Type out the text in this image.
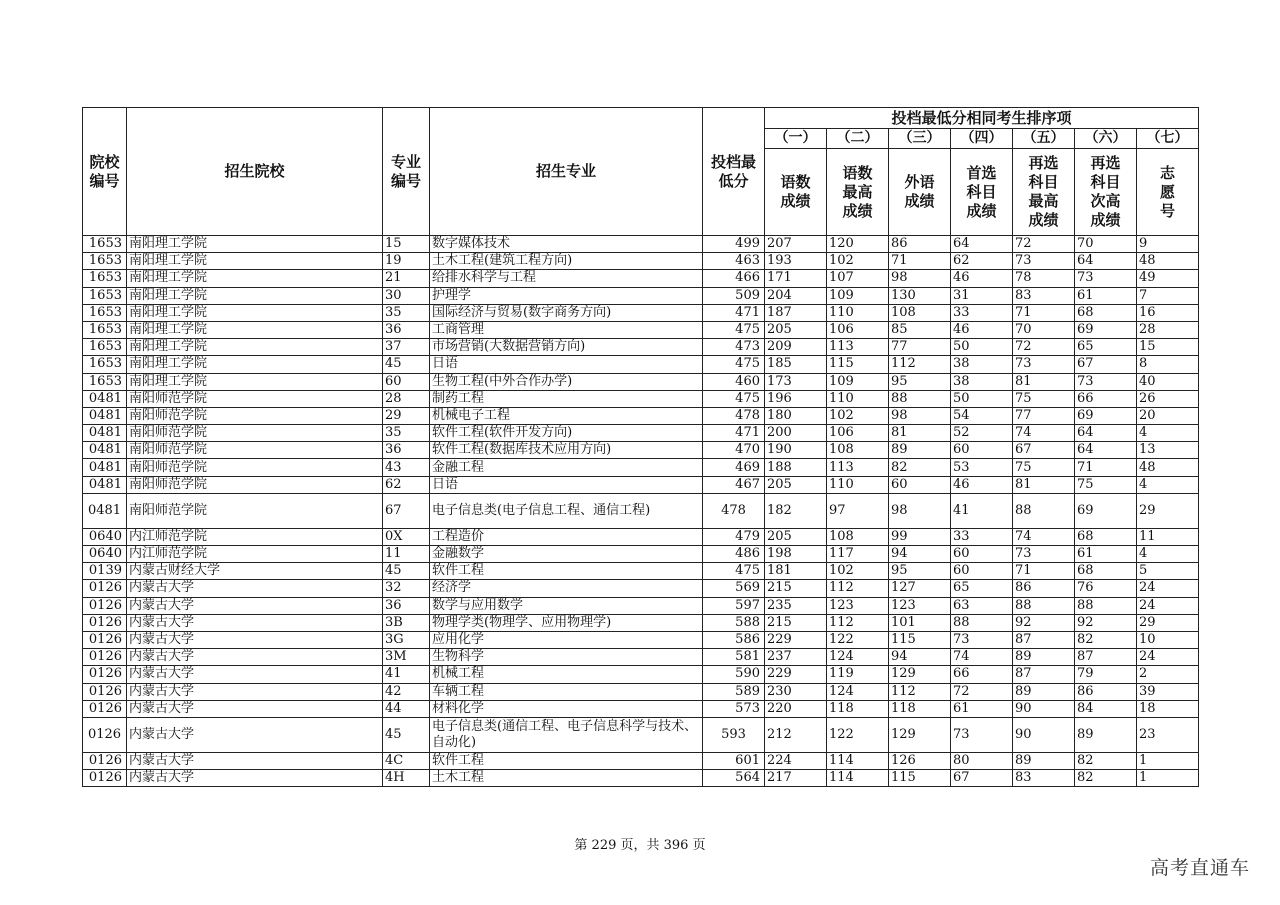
院校编号	招生院校	专业编号	招生专业	投档最低分	投档最低分相同考生排序项						
					（一）	（二）	（三）	（四）	（五）	（六）	（七）
					语数成绩	语数最高成绩	外语成绩	首选科目成绩	再选科目最高成绩	再选科目次高成绩	志愿号
1653	南阳理工学院	15	数字媒体技术	499	207	120	86	64	72	70	9
1653	南阳理工学院	19	土木工程(建筑工程方向)	463	193	102	71	62	73	64	48
1653	南阳理工学院	21	给排水科学与工程	466	171	107	98	46	78	73	49
1653	南阳理工学院	30	护理学	509	204	109	130	31	83	61	7
1653	南阳理工学院	35	国际经济与贸易(数字商务方向)	471	187	110	108	33	71	68	16
1653	南阳理工学院	36	工商管理	475	205	106	85	46	70	69	28
1653	南阳理工学院	37	市场营销(大数据营销方向)	473	209	113	77	50	72	65	15
1653	南阳理工学院	45	日语	475	185	115	112	38	73	67	8
1653	南阳理工学院	60	生物工程(中外合作办学)	460	173	109	95	38	81	73	40
0481	南阳师范学院	28	制药工程	475	196	110	88	50	75	66	26
0481	南阳师范学院	29	机械电子工程	478	180	102	98	54	77	69	20
0481	南阳师范学院	35	软件工程(软件开发方向)	471	200	106	81	52	74	64	4
0481	南阳师范学院	36	软件工程(数据库技术应用方向)	470	190	108	89	60	67	64	13
0481	南阳师范学院	43	金融工程	469	188	113	82	53	75	71	48
0481	南阳师范学院	62	日语	467	205	110	60	46	81	75	4
0481	南阳师范学院	67	电子信息类(电子信息工程、通信工程)	478	182	97	98	41	88	69	29
0640	内江师范学院	0X	工程造价	479	205	108	99	33	74	68	11
0640	内江师范学院	11	金融数学	486	198	117	94	60	73	61	4
0139	内蒙古财经大学	45	软件工程	475	181	102	95	60	71	68	5
0126	内蒙古大学	32	经济学	569	215	112	127	65	86	76	24
0126	内蒙古大学	36	数学与应用数学	597	235	123	123	63	88	88	24
0126	内蒙古大学	3B	物理学类(物理学、应用物理学)	588	215	112	101	88	92	92	29
0126	内蒙古大学	3G	应用化学	586	229	122	115	73	87	82	10
0126	内蒙古大学	3M	生物科学	581	237	124	94	74	89	87	24
0126	内蒙古大学	41	机械工程	590	229	119	129	66	87	79	2
0126	内蒙古大学	42	车辆工程	589	230	124	112	72	89	86	39
0126	内蒙古大学	44	材料化学	573	220	118	118	61	90	84	18
0126	内蒙古大学	45	电子信息类(通信工程、电子信息科学与技术、自动化)	593	212	122	129	73	90	89	23
0126	内蒙古大学	4C	软件工程	601	224	114	126	80	89	82	1
0126	内蒙古大学	4H	土木工程	564	217	114	115	67	83	82	1
第 229 页，共 396 页
高考直通车
